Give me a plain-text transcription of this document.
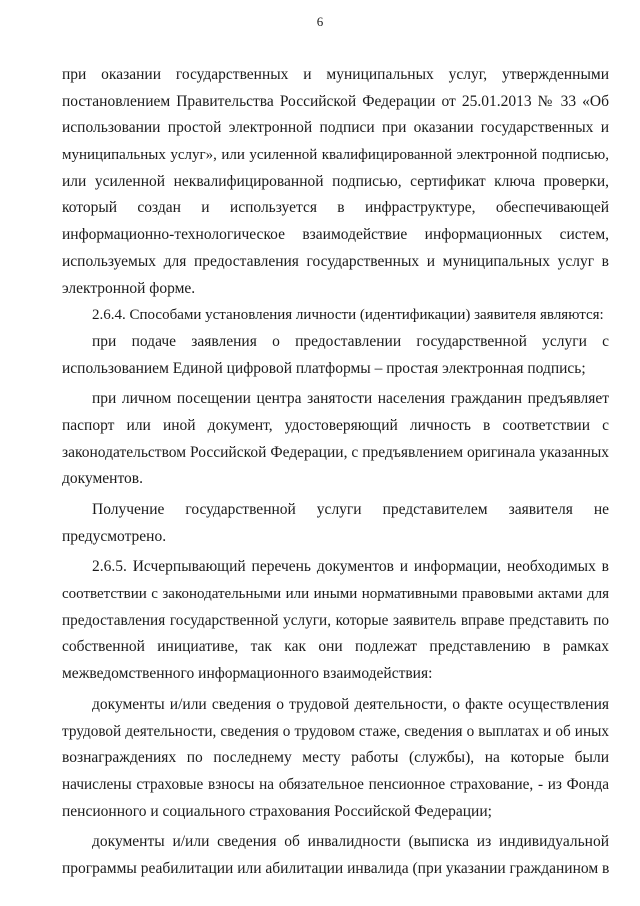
6
при оказании государственных и муниципальных услуг, утвержденными
постановлением Правительства Российской Федерации от 25.01.2013 № 33 «Об
использовании простой электронной подписи при оказании государственных и
муниципальных услуг», или усиленной квалифицированной электронной подписью,
или усиленной неквалифицированной подписью, сертификат ключа проверки,
который создан и используется в инфраструктуре, обеспечивающей
информационно-технологическое взаимодействие информационных систем,
используемых для предоставления государственных и муниципальных услуг в
электронной форме.
2.6.4. Способами установления личности (идентификации) заявителя являются:
при подаче заявления о предоставлении государственной услуги с
использованием Единой цифровой платформы – простая электронная подпись;
при личном посещении центра занятости населения гражданин предъявляет
паспорт или иной документ, удостоверяющий личность в соответствии с
законодательством Российской Федерации, с предъявлением оригинала указанных
документов.
Получение государственной услуги представителем заявителя не
предусмотрено.
2.6.5. Исчерпывающий перечень документов и информации, необходимых в
соответствии с законодательными или иными нормативными правовыми актами для
предоставления государственной услуги, которые заявитель вправе представить по
собственной инициативе, так как они подлежат представлению в рамках
межведомственного информационного взаимодействия:
документы и/или сведения о трудовой деятельности, о факте осуществления
трудовой деятельности, сведения о трудовом стаже, сведения о выплатах и об иных
вознаграждениях по последнему месту работы (службы), на которые были
начислены страховые взносы на обязательное пенсионное страхование, - из Фонда
пенсионного и социального страхования Российской Федерации;
документы и/или сведения об инвалидности (выписка из индивидуальной
программы реабилитации или абилитации инвалида (при указании гражданином в
